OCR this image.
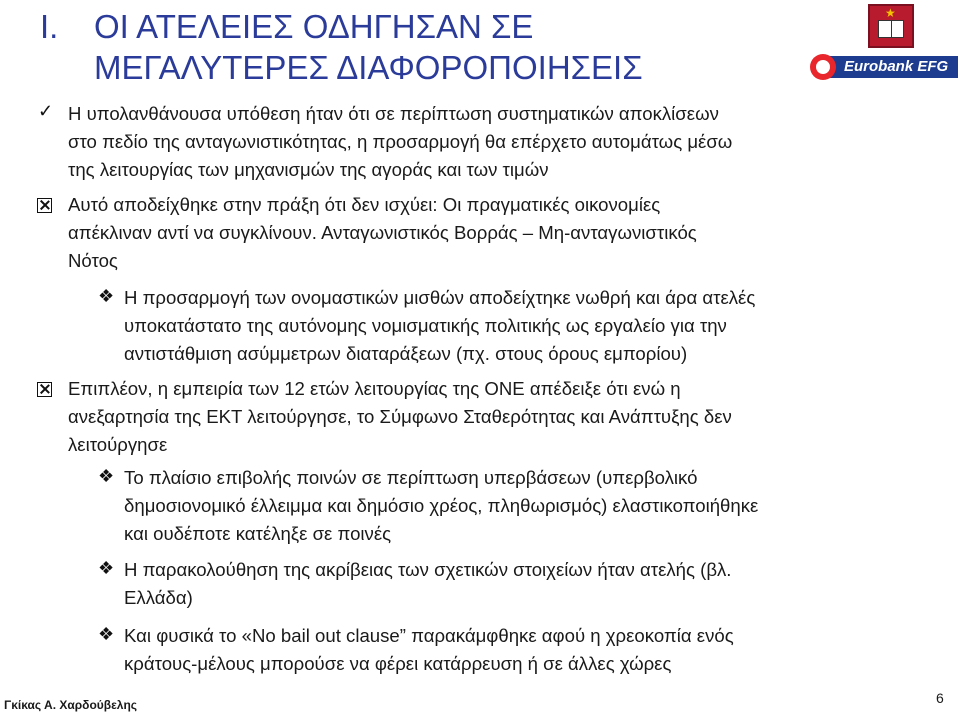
I. ΟΙ ΑΤΕΛΕΙΕΣ ΟΔΗΓΗΣΑΝ ΣΕ
ΜΕΓΑΛΥΤΕΡΕΣ ΔΙΑΦΟΡΟΠΟΙΗΣΕΙΣ
★
Eurobank EFG
✓ Η υπολανθάνουσα υπόθεση ήταν ότι σε περίπτωση συστηματικών αποκλίσεων
στο πεδίο της ανταγωνιστικότητας, η προσαρμογή θα επέρχετο αυτομάτως μέσω
της λειτουργίας των μηχανισμών της αγοράς και των τιμών
Αυτό αποδείχθηκε στην πράξη ότι δεν ισχύει: Οι πραγματικές οικονομίες
απέκλιναν αντί να συγκλίνουν. Ανταγωνιστικός Βορράς – Μη-ανταγωνιστικός
Νότος
❖ Η προσαρμογή των ονομαστικών μισθών αποδείχτηκε νωθρή και άρα ατελές
υποκατάστατο της αυτόνομης νομισματικής πολιτικής ως εργαλείο για την
αντιστάθμιση ασύμμετρων διαταράξεων (πχ. στους όρους εμπορίου)
Επιπλέον, η εμπειρία των 12 ετών λειτουργίας της ΟΝΕ απέδειξε ότι ενώ η
ανεξαρτησία της ΕΚΤ λειτούργησε, το Σύμφωνο Σταθερότητας και Ανάπτυξης δεν
λειτούργησε
❖ Το πλαίσιο επιβολής ποινών σε περίπτωση υπερβάσεων (υπερβολικό
δημοσιονομικό έλλειμμα και δημόσιο χρέος, πληθωρισμός) ελαστικοποιήθηκε
και ουδέποτε κατέληξε σε ποινές
❖ Η παρακολούθηση της ακρίβειας των σχετικών στοιχείων ήταν ατελής (βλ.
Ελλάδα)
❖ Και φυσικά το «No bail out clause” παρακάμφθηκε αφού η χρεοκοπία ενός
κράτους-μέλους μπορούσε να φέρει κατάρρευση ή σε άλλες χώρες
Γκίκας Α. Χαρδούβελης	6
